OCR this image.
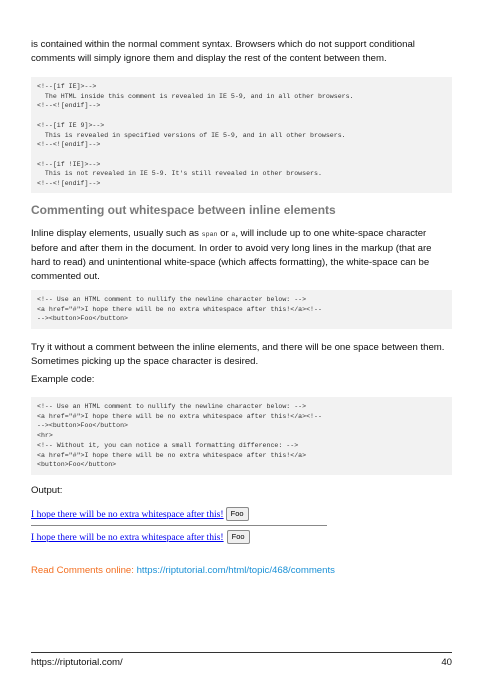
is contained within the normal comment syntax. Browsers which do not support conditional comments will simply ignore them and display the rest of the content between them.

<!--[if IE]>-->
The HTML inside this comment is revealed in IE 5-9, and in all other browsers.
<!--<![endif]-->

<!--[if IE 9]>-->
This is revealed in specified versions of IE 5-9, and in all other browsers.
<!--<![endif]-->

<!--[if !IE]>-->
This is not revealed in IE 5-9. It's still revealed in other browsers.
<!--<![endif]-->
Commenting out whitespace between inline elements

Inline display elements, usually such as span or a, will include up to one white-space character before and after them in the document. In order to avoid very long lines in the markup (that are hard to read) and unintentional white-space (which affects formatting), the white-space can be commented out.

<!-- Use an HTML comment to nullify the newline character below: -->
<a href="#">I hope there will be no extra whitespace after this!</a><!--
--><button>Foo</button>

Try it without a comment between the inline elements, and there will be one space between them. Sometimes picking up the space character is desired.

Example code:

<!-- Use an HTML comment to nullify the newline character below: -->
<a href="#">I hope there will be no extra whitespace after this!</a><!--
--><button>Foo</button>
<hr>
<!-- Without it, you can notice a small formatting difference: -->
<a href="#">I hope there will be no extra whitespace after this!</a>
<button>Foo</button>

Output:

I hope there will be no extra whitespace after this! Foo
I hope there will be no extra whitespace after this!	Foo
Read Comments online: https://riptutorial.com/html/topic/468/comments
https://riptutorial.com/	40
